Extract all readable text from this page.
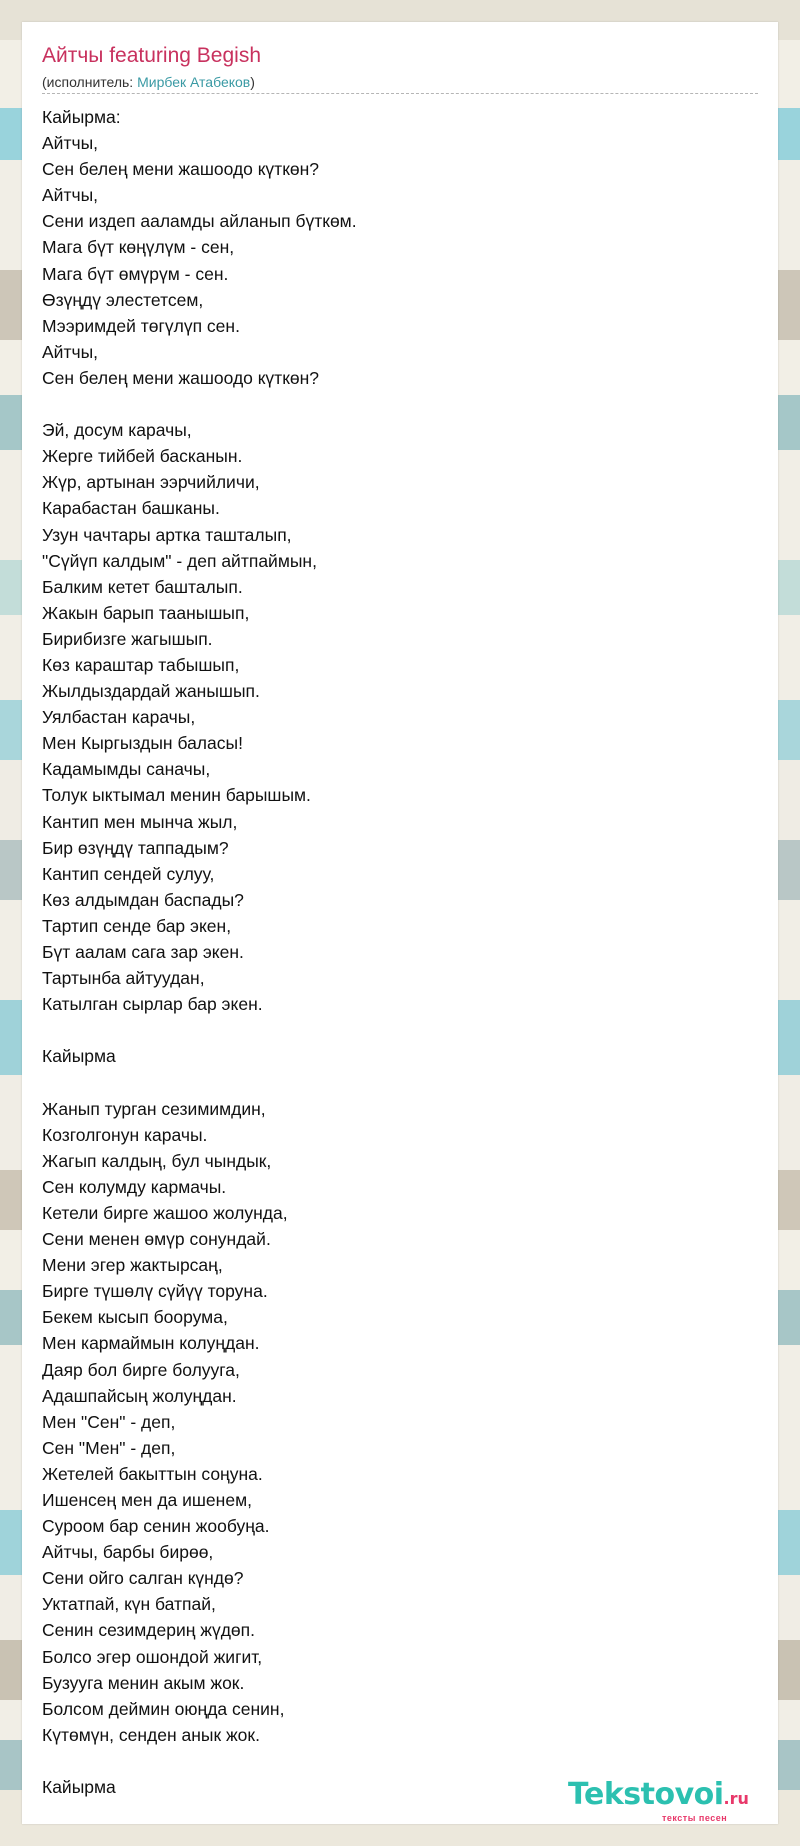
Айтчы featuring Begish
(исполнитель: Мирбек Атабеков)
Кайырма:
Айтчы,
Сен белең мени жашоодо күткөн?
Айтчы,
Сени издеп ааламды айланып бүткөм.
Мага бүт көңүлүм - сен,
Мага бүт өмүрүм - сен.
Өзүңдү элестетсем,
Мээримдей төгүлүп сен.
Айтчы,
Сен белең мени жашоодо күткөн?
Эй, досум карачы,
Жерге тийбей басканын.
Жүр, артынан ээрчийличи,
Карабастан башканы.
Узун чачтары артка ташталып,
"Сүйүп калдым" - деп айтпаймын,
Балким кетет башталып.
Жакын барып таанышып,
Бирибизге жагышып.
Көз караштар табышып,
Жылдыздардай жанышып.
Уялбастан карачы,
Мен Кыргыздын баласы!
Кадамымды саначы,
Толук ыктымал менин барышым.
Кантип мен мынча жыл,
Бир өзүңдү таппадым?
Кантип сендей сулуу,
Көз алдымдан баспады?
Тартип сенде бар экен,
Бүт аалам сага зар экен.
Тартынба айтуудан,
Катылган сырлар бар экен.
Кайырма
Жанып турган сезимимдин,
Козголгонун карачы.
Жагып калдың, бул чындык,
Сен колумду кармачы.
Кетели бирге жашоо жолунда,
Сени менен өмүр сонундай.
Мени эгер жактырсаң,
Бирге түшөлү сүйүү торуна.
Бекем кысып боорума,
Мен кармаймын колуңдан.
Даяр бол бирге болууга,
Адашпайсың жолуңдан.
Мен "Сен" - деп,
Сен "Мен" - деп,
Жетелей бакыттын соңуна.
Ишенсең мен да ишенем,
Суроом бар сенин жообуңа.
Айтчы, барбы бирөө,
Сени ойго салган күндө?
Уктатпай, күн батпай,
Сенин сезимдериң жүдөп.
Болсо эгер ошондой жигит,
Бузууга менин акым жок.
Болсом деймин оюңда сенин,
Күтөмүн, сенден анык жок.
Кайырма	Tekstovoi.ru
тексты песен
